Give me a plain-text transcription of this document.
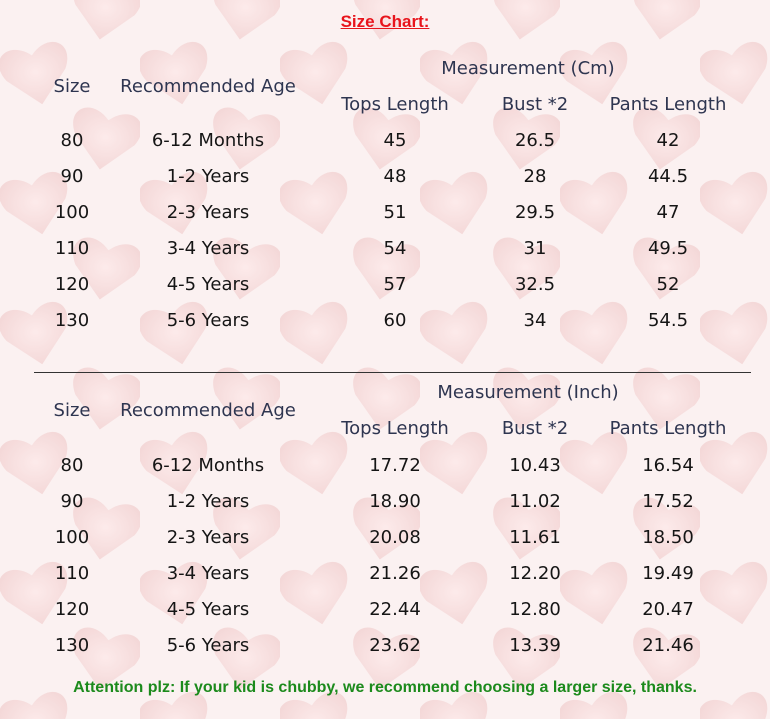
Size Chart:
Measurement (Cm)
Size	Recommended Age
Tops Length	Bust *2	Pants Length
80	6-12 Months	45	26.5	42
90	1-2 Years	48	28	44.5
100	2-3 Years	51	29.5	47
110	3-4 Years	54	31	49.5
120	4-5 Years	57	32.5	52
130	5-6 Years	60	34	54.5
Measurement (Inch)
Size	Recommended Age
Tops Length	Bust *2	Pants Length
80	6-12 Months	17.72	10.43	16.54
90	1-2 Years	18.90	11.02	17.52
100	2-3 Years	20.08	11.61	18.50
110	3-4 Years	21.26	12.20	19.49
120	4-5 Years	22.44	12.80	20.47
130	5-6 Years	23.62	13.39	21.46
Attention plz: If your kid is chubby, we recommend choosing a larger size, thanks.
